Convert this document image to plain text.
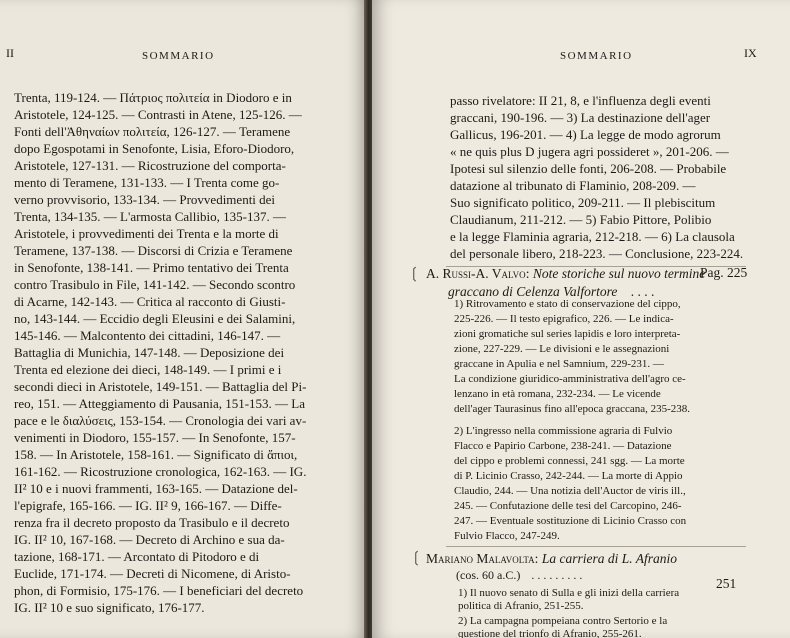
II	SOMMARIO
Trenta, 119-124. — Πάτριος πολιτεία in Diodoro e in
Aristotele, 124-125. — Contrasti in Atene, 125-126. —
Fonti dell'Ἀθηναίων πολιτεία, 126-127. — Teramene
dopo Egospotami in Senofonte, Lisia, Eforo-Diodoro,
Aristotele, 127-131. — Ricostruzione del comporta-
mento di Teramene, 131-133. — I Trenta come go-
verno provvisorio, 133-134. — Provvedimenti dei
Trenta, 134-135. — L'armosta Callibio, 135-137. —
Aristotele, i provvedimenti dei Trenta e la morte di
Teramene, 137-138. — Discorsi di Crizia e Teramene
in Senofonte, 138-141. — Primo tentativo dei Trenta
contro Trasibulo in File, 141-142. — Secondo scontro
di Acarne, 142-143. — Critica al racconto di Giusti-
no, 143-144. — Eccidio degli Eleusini e dei Salamini,
145-146. — Malcontento dei cittadini, 146-147. —
Battaglia di Munichia, 147-148. — Deposizione dei
Trenta ed elezione dei dieci, 148-149. — I primi e i
secondi dieci in Aristotele, 149-151. — Battaglia del Pi-
reo, 151. — Atteggiamento di Pausania, 151-153. — La
pace e le διαλύσεις, 153-154. — Cronologia dei vari av-
venimenti in Diodoro, 155-157. — In Senofonte, 157-
158. — In Aristotele, 158-161. — Significato di ἄπιοι,
161-162. — Ricostruzione cronologica, 162-163. — IG.
II² 10 e i nuovi frammenti, 163-165. — Datazione del-
l'epigrafe, 165-166. — IG. II² 9, 166-167. — Diffe-
renza fra il decreto proposto da Trasibulo e il decreto
IG. II² 10, 167-168. — Decreto di Archino e sua da-
tazione, 168-171. — Arcontato di Pitodoro e di
Euclide, 171-174. — Decreti di Nicomene, di Aristo-
phon, di Formisio, 175-176. — I beneficiari del decreto
IG. II² 10 e suo significato, 176-177.
SOMMARIO	IX
passo rivelatore: II 21, 8, e l'influenza degli eventi
graccani, 190-196. — 3) La destinazione dell'ager
Gallicus, 196-201. — 4) La legge de modo agrorum
« ne quis plus D jugera agri possideret », 201-206. —
Ipotesi sul silenzio delle fonti, 206-208. — Probabile
datazione al tribunato di Flaminio, 208-209. —
Suo significato politico, 209-211. — Il plebiscitum
Claudianum, 211-212. — 5) Fabio Pittore, Polibio
e la legge Flaminia agraria, 212-218. — 6) La clausola
del personale libero, 218-223. — Conclusione, 223-224.
❲ A. Russi-A. Valvo: Note storiche sul nuovo termine
graccano di Celenza Valfortore . . . .
Pag. 225
1) Ritrovamento e stato di conservazione del cippo,
225-226. — Il testo epigrafico, 226. — Le indica-
zioni gromatiche sul series lapidis e loro interpreta-
zione, 227-229. — Le divisioni e le assegnazioni
graccane in Apulia e nel Samnium, 229-231. —
La condizione giuridico-amministrativa dell'agro ce-
lenzano in età romana, 232-234. — Le vicende
dell'ager Taurasinus fino all'epoca graccana, 235-238.
2) L'ingresso nella commissione agraria di Fulvio
Flacco e Papirio Carbone, 238-241. — Datazione
del cippo e problemi connessi, 241 sgg. — La morte
di P. Licinio Crasso, 242-244. — La morte di Appio
Claudio, 244. — Una notizia dell'Auctor de viris ill.,
245. — Confutazione delle tesi del Carcopino, 246-
247. — Eventuale sostituzione di Licinio Crasso con
Fulvio Flacco, 247-249.
❲ Mariano Malavolta: La carriera di L. Afranio
(cos. 60 a.C.) . . . . . . . . .
251
1) Il nuovo senato di Sulla e gli inizi della carriera
politica di Afranio, 251-255.
2) La campagna pompeiana contro Sertorio e la
questione del trionfo di Afranio, 255-261.
